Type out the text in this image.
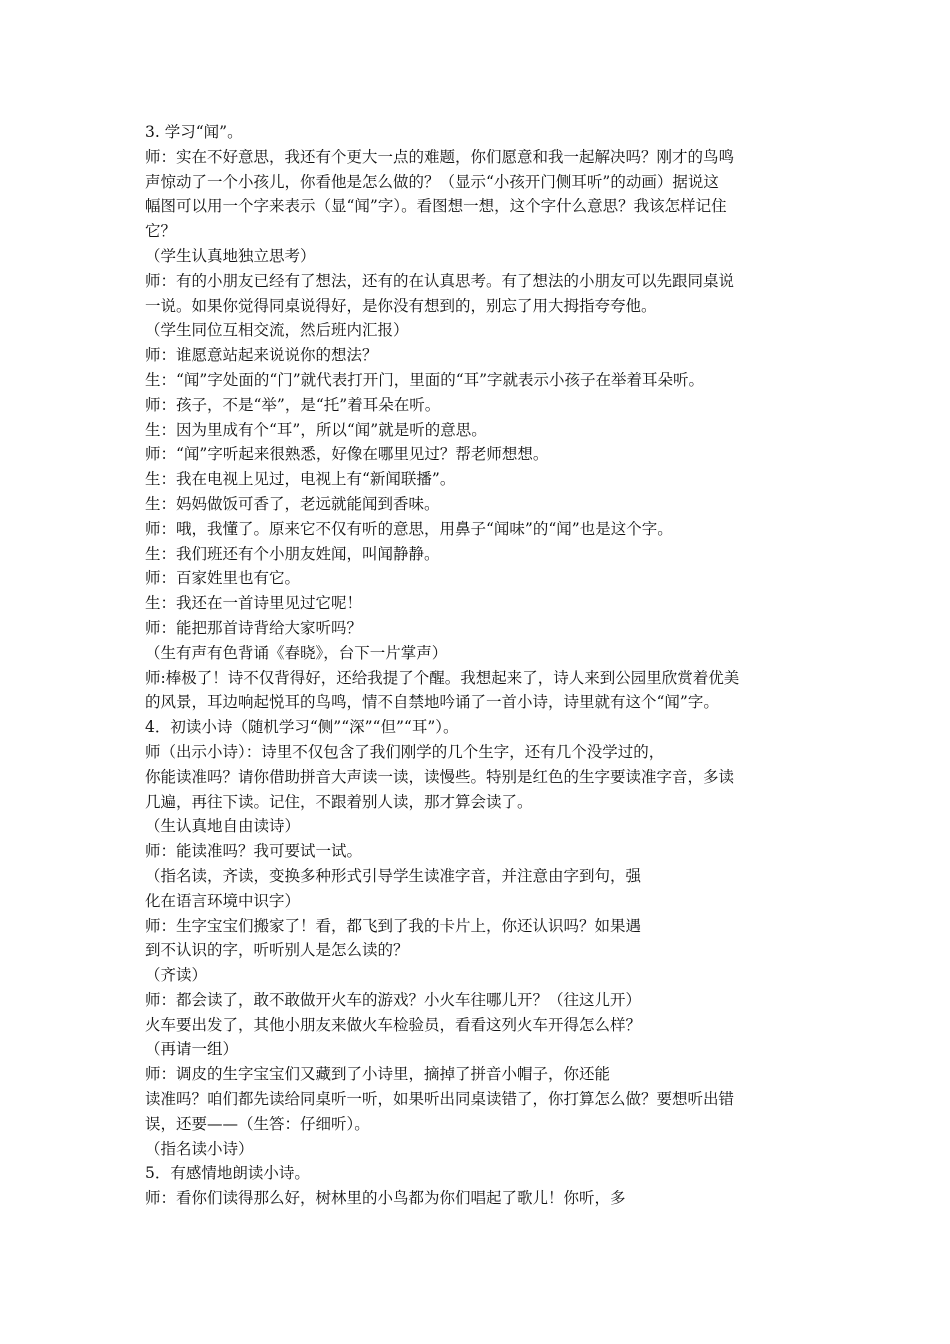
3. 学习“闻”。
师：实在不好意思，我还有个更大一点的难题，你们愿意和我一起解决吗？刚才的鸟鸣
声惊动了一个小孩儿，你看他是怎么做的？（显示“小孩开门侧耳听”的动画）据说这
幅图可以用一个字来表示（显“闻”字）。看图想一想，这个字什么意思？我该怎样记住
它？
（学生认真地独立思考）
师：有的小朋友已经有了想法，还有的在认真思考。有了想法的小朋友可以先跟同桌说
一说。如果你觉得同桌说得好，是你没有想到的，别忘了用大拇指夸夸他。
（学生同位互相交流，然后班内汇报）
师：谁愿意站起来说说你的想法？
生：“闻”字处面的“门”就代表打开门，里面的“耳”字就表示小孩子在举着耳朵听。
师：孩子，不是“举”，是“托”着耳朵在听。
生：因为里成有个“耳”，所以“闻”就是听的意思。
师：“闻”字听起来很熟悉，好像在哪里见过？帮老师想想。
生：我在电视上见过，电视上有“新闻联播”。
生：妈妈做饭可香了，老远就能闻到香味。
师：哦，我懂了。原来它不仅有听的意思，用鼻子“闻味”的“闻”也是这个字。
生：我们班还有个小朋友姓闻，叫闻静静。
师：百家姓里也有它。
生：我还在一首诗里见过它呢！
师：能把那首诗背给大家听吗？
（生有声有色背诵《春晓》，台下一片掌声）
师:棒极了！诗不仅背得好，还给我提了个醒。我想起来了，诗人来到公园里欣赏着优美
的风景，耳边响起悦耳的鸟鸣，情不自禁地吟诵了一首小诗，诗里就有这个“闻”字。
4．初读小诗（随机学习“侧”“深”“但”“耳”）。
师（出示小诗）：诗里不仅包含了我们刚学的几个生字，还有几个没学过的，
你能读准吗？请你借助拼音大声读一读，读慢些。特别是红色的生字要读准字音，多读
几遍，再往下读。记住，不跟着别人读，那才算会读了。
（生认真地自由读诗）
师：能读准吗？我可要试一试。
（指名读，齐读，变换多种形式引导学生读准字音，并注意由字到句，强
化在语言环境中识字）
师：生字宝宝们搬家了！看，都飞到了我的卡片上，你还认识吗？如果遇
到不认识的字，听听别人是怎么读的？
（齐读）
师：都会读了，敢不敢做开火车的游戏？小火车往哪儿开？（往这儿开）
火车要出发了，其他小朋友来做火车检验员，看看这列火车开得怎么样？
（再请一组）
师：调皮的生字宝宝们又藏到了小诗里，摘掉了拼音小帽子，你还能
读准吗？咱们都先读给同桌听一听，如果听出同桌读错了，你打算怎么做？要想听出错
误，还要——（生答：仔细听）。
（指名读小诗）
5．有感情地朗读小诗。
师：看你们读得那么好，树林里的小鸟都为你们唱起了歌儿！你听，多
